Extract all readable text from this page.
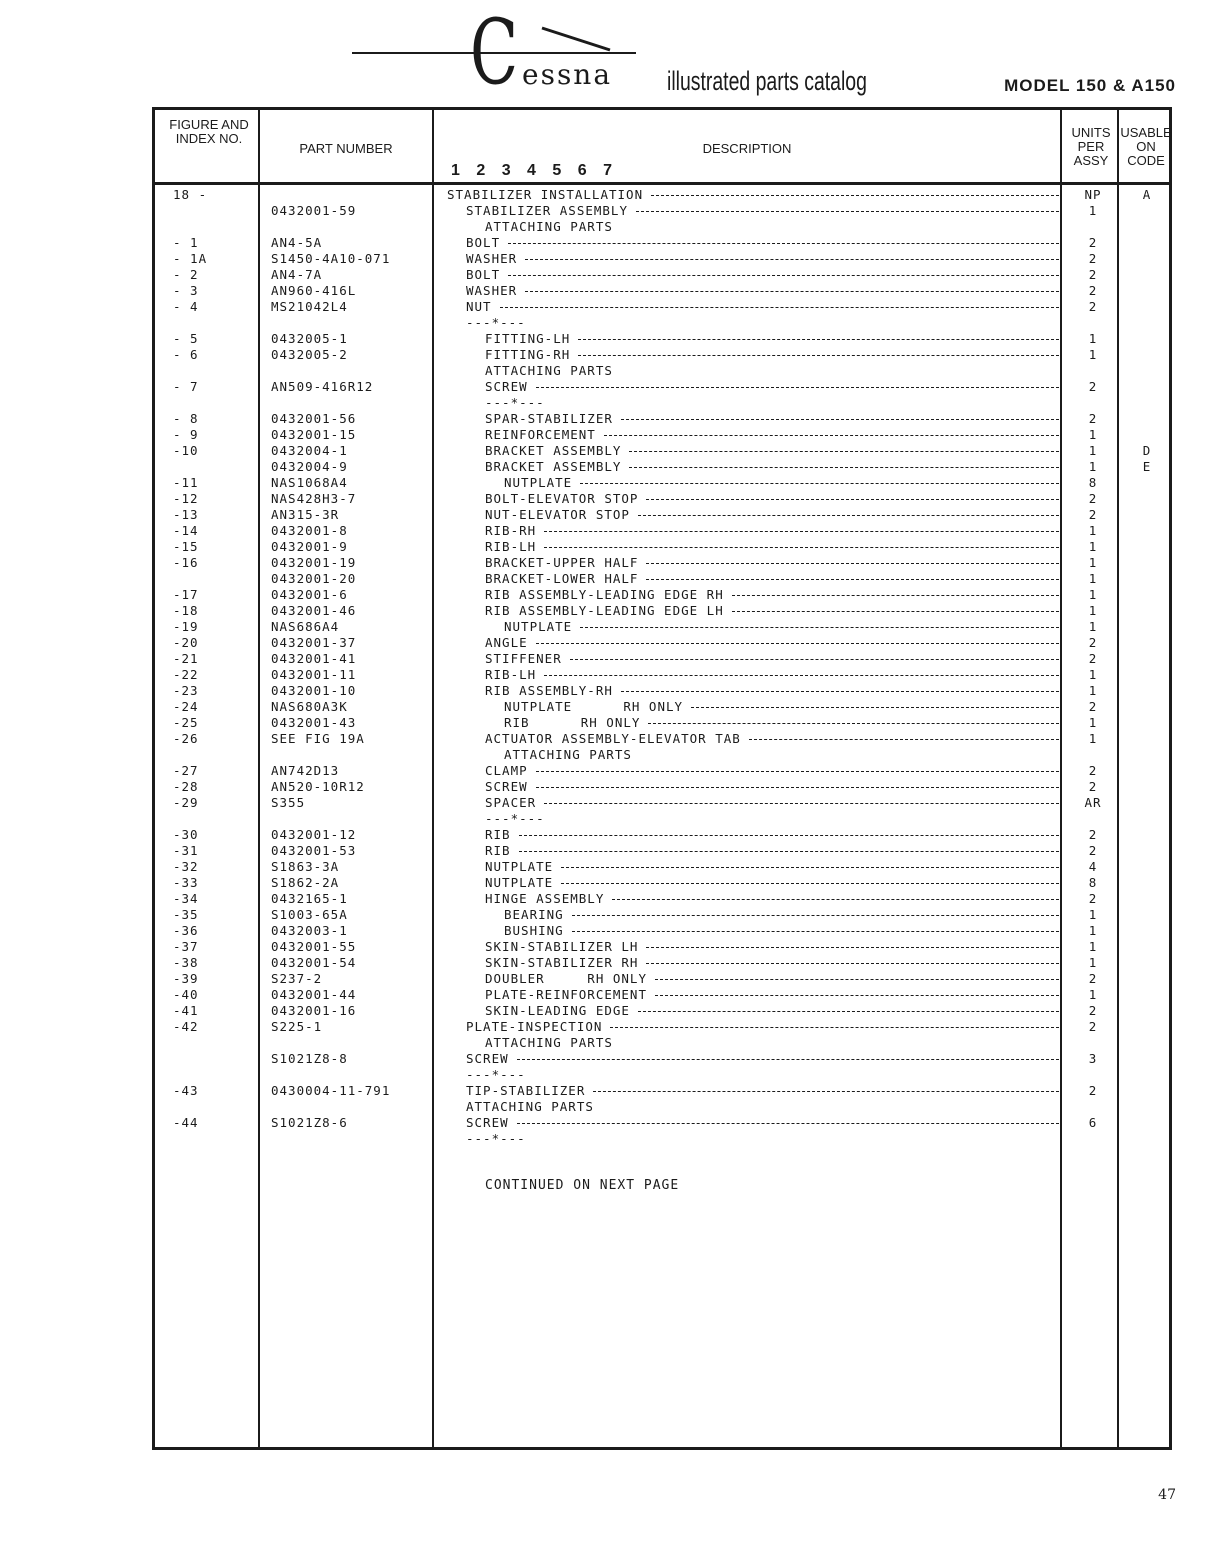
C essna illustrated parts catalog	MODEL 150 & A150
FIGURE AND INDEX NO.
PART NUMBER	DESCRIPTION
1 2 3 4 5 6 7
UNITS PER ASSY
USABLE ON CODE
18 -	STABILIZER INSTALLATION	NP	A
0432001-59	STABILIZER ASSEMBLY	1
ATTACHING PARTS
- 1	AN4-5A	BOLT	2
- 1A	S1450-4A10-071	WASHER	2
- 2	AN4-7A	BOLT	2
- 3	AN960-416L	WASHER	2
- 4	MS21042L4	NUT	2
---*---
- 5	0432005-1	FITTING-LH	1
- 6	0432005-2	FITTING-RH	1
ATTACHING PARTS
- 7	AN509-416R12	SCREW	2
---*---
- 8	0432001-56	SPAR-STABILIZER	2
- 9	0432001-15	REINFORCEMENT	1
-10	0432004-1	BRACKET ASSEMBLY	1	D
0432004-9	BRACKET ASSEMBLY	1	E
-11	NAS1068A4	NUTPLATE	8
-12	NAS428H3-7	BOLT-ELEVATOR STOP	2
-13	AN315-3R	NUT-ELEVATOR STOP	2
-14	0432001-8	RIB-RH	1
-15	0432001-9	RIB-LH	1
-16	0432001-19	BRACKET-UPPER HALF	1
0432001-20	BRACKET-LOWER HALF	1
-17	0432001-6	RIB ASSEMBLY-LEADING EDGE RH	1
-18	0432001-46	RIB ASSEMBLY-LEADING EDGE LH	1
-19	NAS686A4	NUTPLATE	1
-20	0432001-37	ANGLE	2
-21	0432001-41	STIFFENER	2
-22	0432001-11	RIB-LH	1
-23	0432001-10	RIB ASSEMBLY-RH	1
-24	NAS680A3K	NUTPLATE      RH ONLY	2
-25	0432001-43	RIB      RH ONLY	1
-26	SEE FIG 19A	ACTUATOR ASSEMBLY-ELEVATOR TAB	1
ATTACHING PARTS
-27	AN742D13	CLAMP	2
-28	AN520-10R12	SCREW	2
-29	S355	SPACER	AR
---*---
-30	0432001-12	RIB	2
-31	0432001-53	RIB	2
-32	S1863-3A	NUTPLATE	4
-33	S1862-2A	NUTPLATE	8
-34	0432165-1	HINGE ASSEMBLY	2
-35	S1003-65A	BEARING	1
-36	0432003-1	BUSHING	1
-37	0432001-55	SKIN-STABILIZER LH	1
-38	0432001-54	SKIN-STABILIZER RH	1
-39	S237-2	DOUBLER     RH ONLY	2
-40	0432001-44	PLATE-REINFORCEMENT	1
-41	0432001-16	SKIN-LEADING EDGE	2
-42	S225-1	PLATE-INSPECTION	2
ATTACHING PARTS
S1021Z8-8	SCREW	3
---*---
-43	0430004-11-791	TIP-STABILIZER	2
ATTACHING PARTS
-44	S1021Z8-6	SCREW	6
---*---
CONTINUED ON NEXT PAGE
47
